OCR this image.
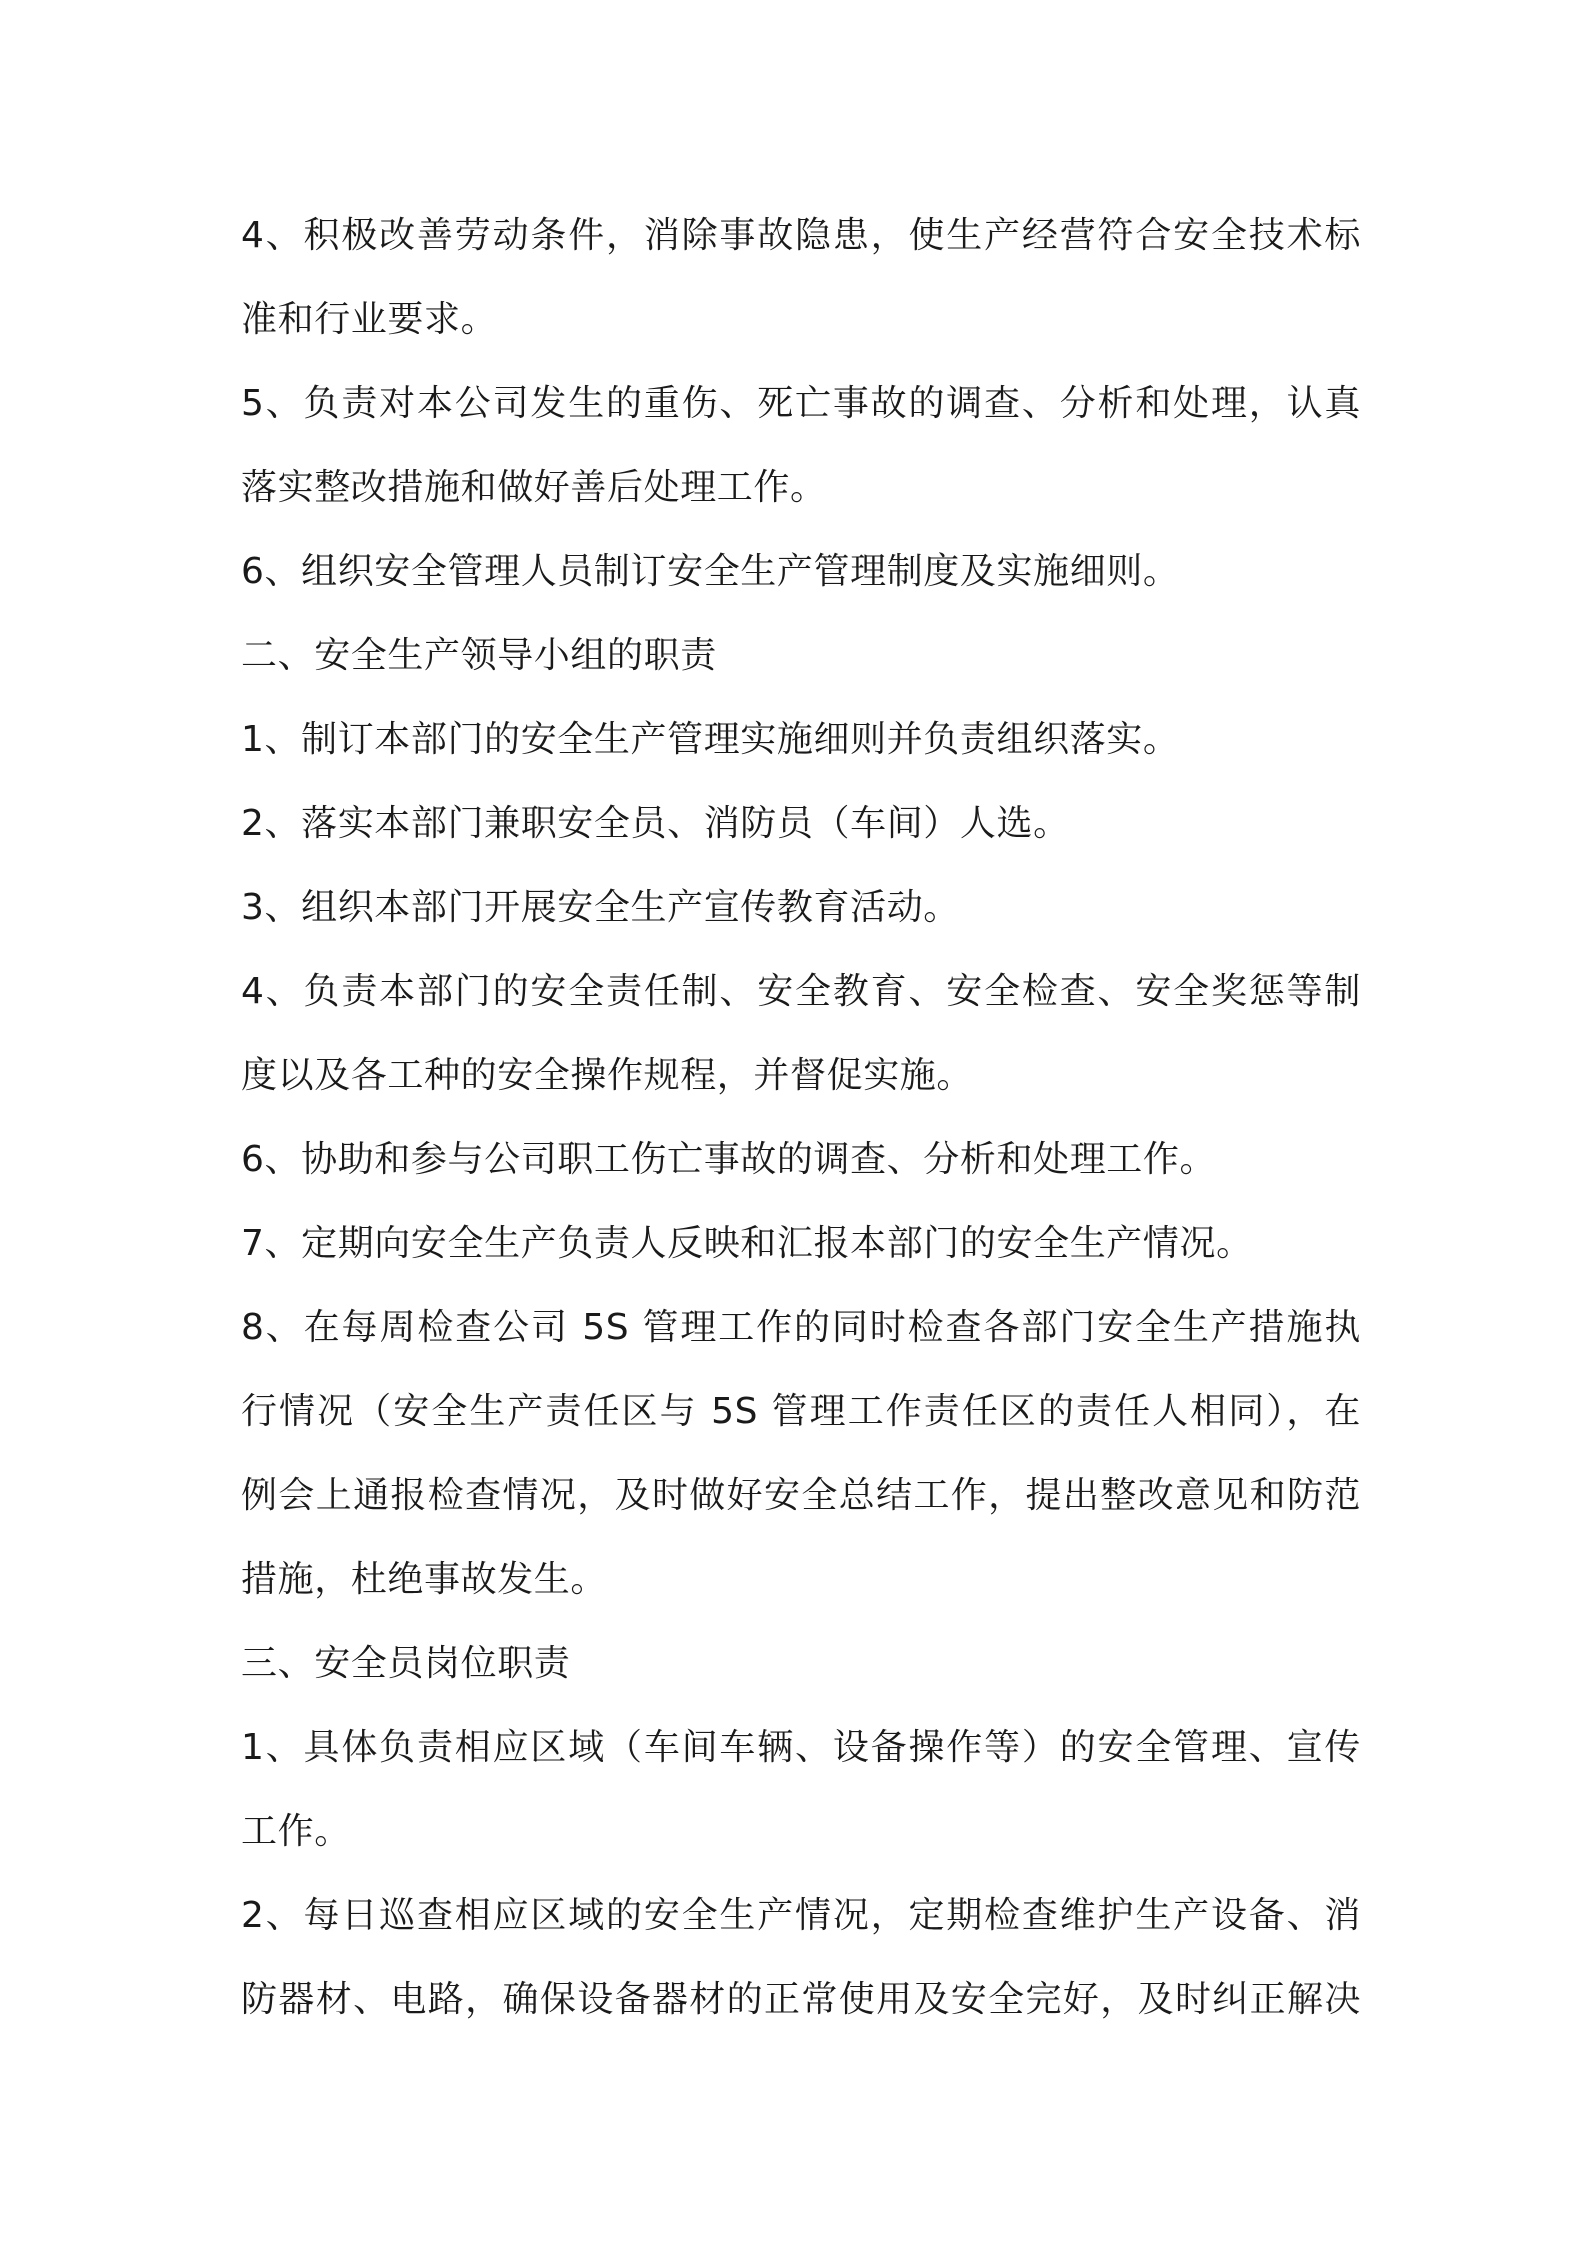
4、积极改善劳动条件，消除事故隐患，使生产经营符合安全技术标
准和行业要求。
5、负责对本公司发生的重伤、死亡事故的调查、分析和处理，认真
落实整改措施和做好善后处理工作。
6、组织安全管理人员制订安全生产管理制度及实施细则。
二、安全生产领导小组的职责
1、制订本部门的安全生产管理实施细则并负责组织落实。
2、落实本部门兼职安全员、消防员（车间）人选。
3、组织本部门开展安全生产宣传教育活动。
4、负责本部门的安全责任制、安全教育、安全检查、安全奖惩等制
度以及各工种的安全操作规程，并督促实施。
6、协助和参与公司职工伤亡事故的调查、分析和处理工作。
7、定期向安全生产负责人反映和汇报本部门的安全生产情况。
8、在每周检查公司 5S 管理工作的同时检查各部门安全生产措施执
行情况（安全生产责任区与 5S 管理工作责任区的责任人相同），在
例会上通报检查情况，及时做好安全总结工作，提出整改意见和防范
措施，杜绝事故发生。
三、安全员岗位职责
1、具体负责相应区域（车间车辆、设备操作等）的安全管理、宣传
工作。
2、每日巡查相应区域的安全生产情况，定期检查维护生产设备、消
防器材、电路，确保设备器材的正常使用及安全完好，及时纠正解决
